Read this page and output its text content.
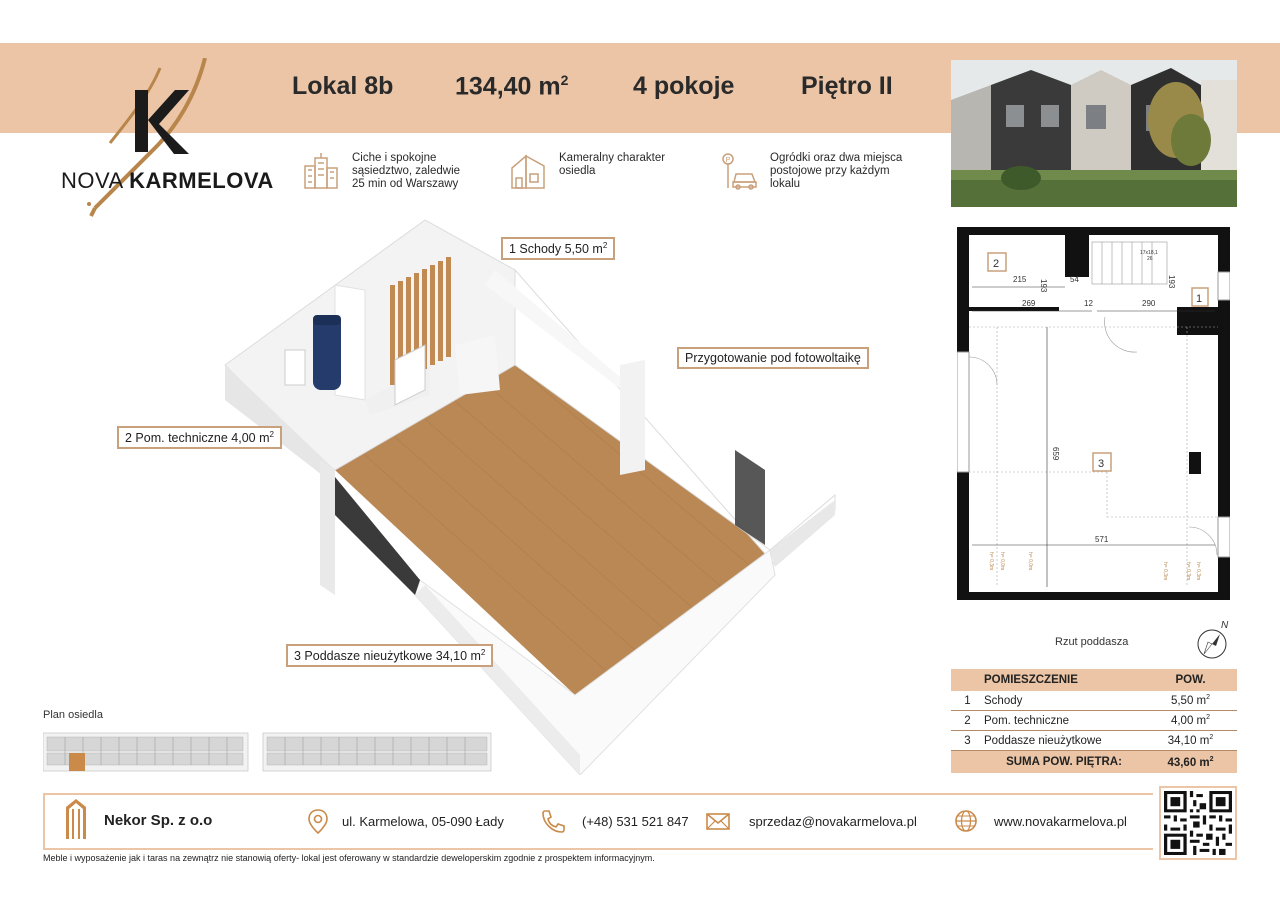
NOVA KARMELOVA
Lokal 8b 134,40 $m^2$	4 pokoje	Piętro II
Ciche i spokojne sąsiedztwo, zaledwie 25 min od Warszawy
Kameralny charakter osiedla
P	Ogródki oraz dwa miejsca postojowe przy każdym lokalu
1 Schody 5,50 $m^2$
Przygotowanie pod fotowoltaikę
2 Pom. techniczne 4,00 $m^2$
3 Poddasze nieużytkowe 34,10 $m^2$
2
1
3
215 193	54	193
269	12	290
659
571
17x18,1
26
h= 0,3m h= 0,0m	h= 0,0m
h= 0,3m	h= 0,3m h= 0,3m
Rzut poddasza
N
POMIESZCZENIE	POW.
1	Schody	5,50 $m^2$
2	Pom. techniczne	4,00 $m^2$
3	Poddasze nieużytkowe	34,10 $m^2$
SUMA POW. PIĘTRA:	43,60 $m^2$
Plan osiedla
Nekor Sp. z o.o	ul. Karmelowa, 05-090 Łady	(+48) 531 521 847	sprzedaz@novakarmelova.pl	www.novakarmelova.pl
Meble i wyposażenie jak i taras na zewnątrz nie stanowią oferty- lokal jest oferowany w standardzie deweloperskim zgodnie z prospektem informacyjnym.
